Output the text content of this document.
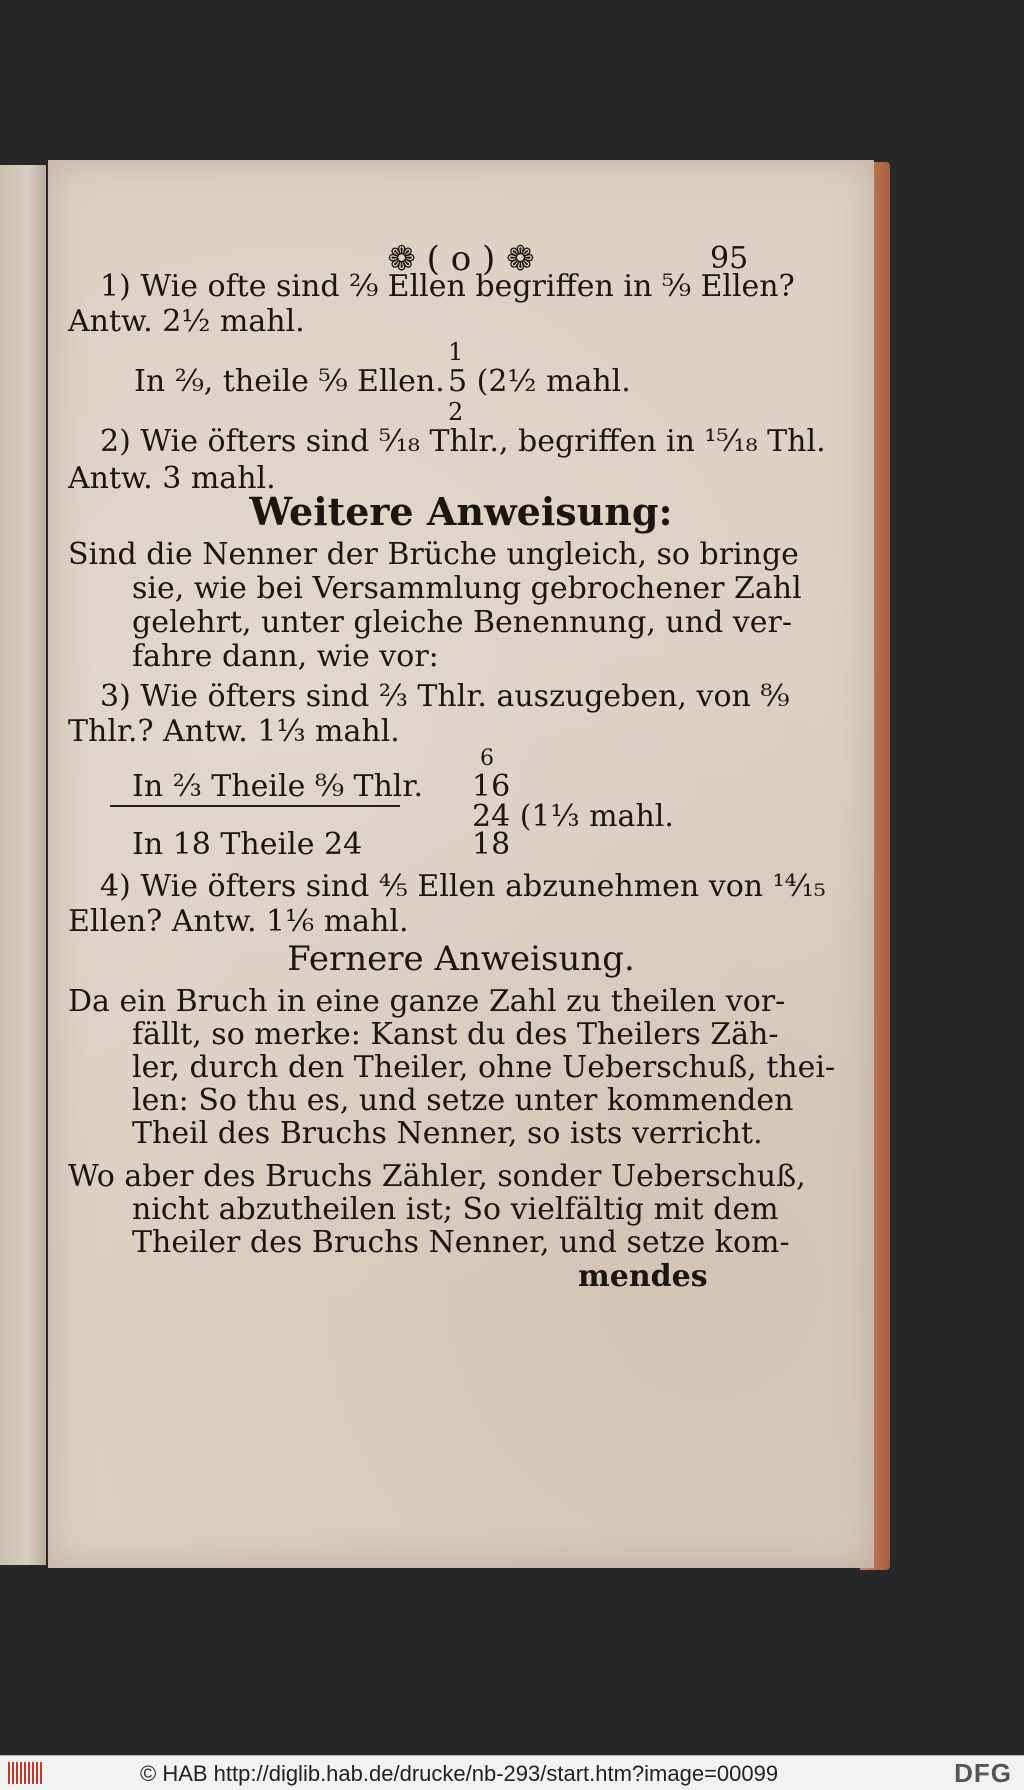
❁ ( o ) ❁	95
1) Wie ofte sind ²⁄₉ Ellen begriffen in ⁵⁄₉ Ellen?
Antw. 2½ mahl.
In ²⁄₉, theile ⁵⁄₉ Ellen.
2) Wie öfters sind ⁵⁄₁₈ Thlr., begriffen in ¹⁵⁄₁₈ Thl.
Antw. 3 mahl.
Sind die Nenner der Brüche ungleich, so bringe
sie, wie bei Versammlung gebrochener Zahl
gelehrt, unter gleiche Benennung, und ver-
fahre dann, wie vor:
3) Wie öfters sind ²⁄₃ Thlr. auszugeben, von ⁸⁄₉
Thlr.? Antw. 1⅓ mahl.
In ²⁄₃ Theile ⁸⁄₉ Thlr.
In 18 Theile 24
4) Wie öfters sind ⁴⁄₅ Ellen abzunehmen von ¹⁴⁄₁₅
Ellen? Antw. 1⅙ mahl.
Da ein Bruch in eine ganze Zahl zu theilen vor-
fällt, so merke: Kanst du des Theilers Zäh-
ler, durch den Theiler, ohne Ueberschuß, thei-
len: So thu es, und setze unter kommenden
Theil des Bruchs Nenner, so ists verricht.
Wo aber des Bruchs Zähler, sonder Ueberschuß,
nicht abzutheilen ist; So vielfältig mit dem
Theiler des Bruchs Nenner, und setze kom-
1
5 (2½ mahl.
2
Weitere Anweisung:
6
16
24 (1⅓ mahl.
18
Fernere Anweisung.
mendes
© HAB http://diglib.hab.de/drucke/nb-293/start.htm?image=00099	DFG
